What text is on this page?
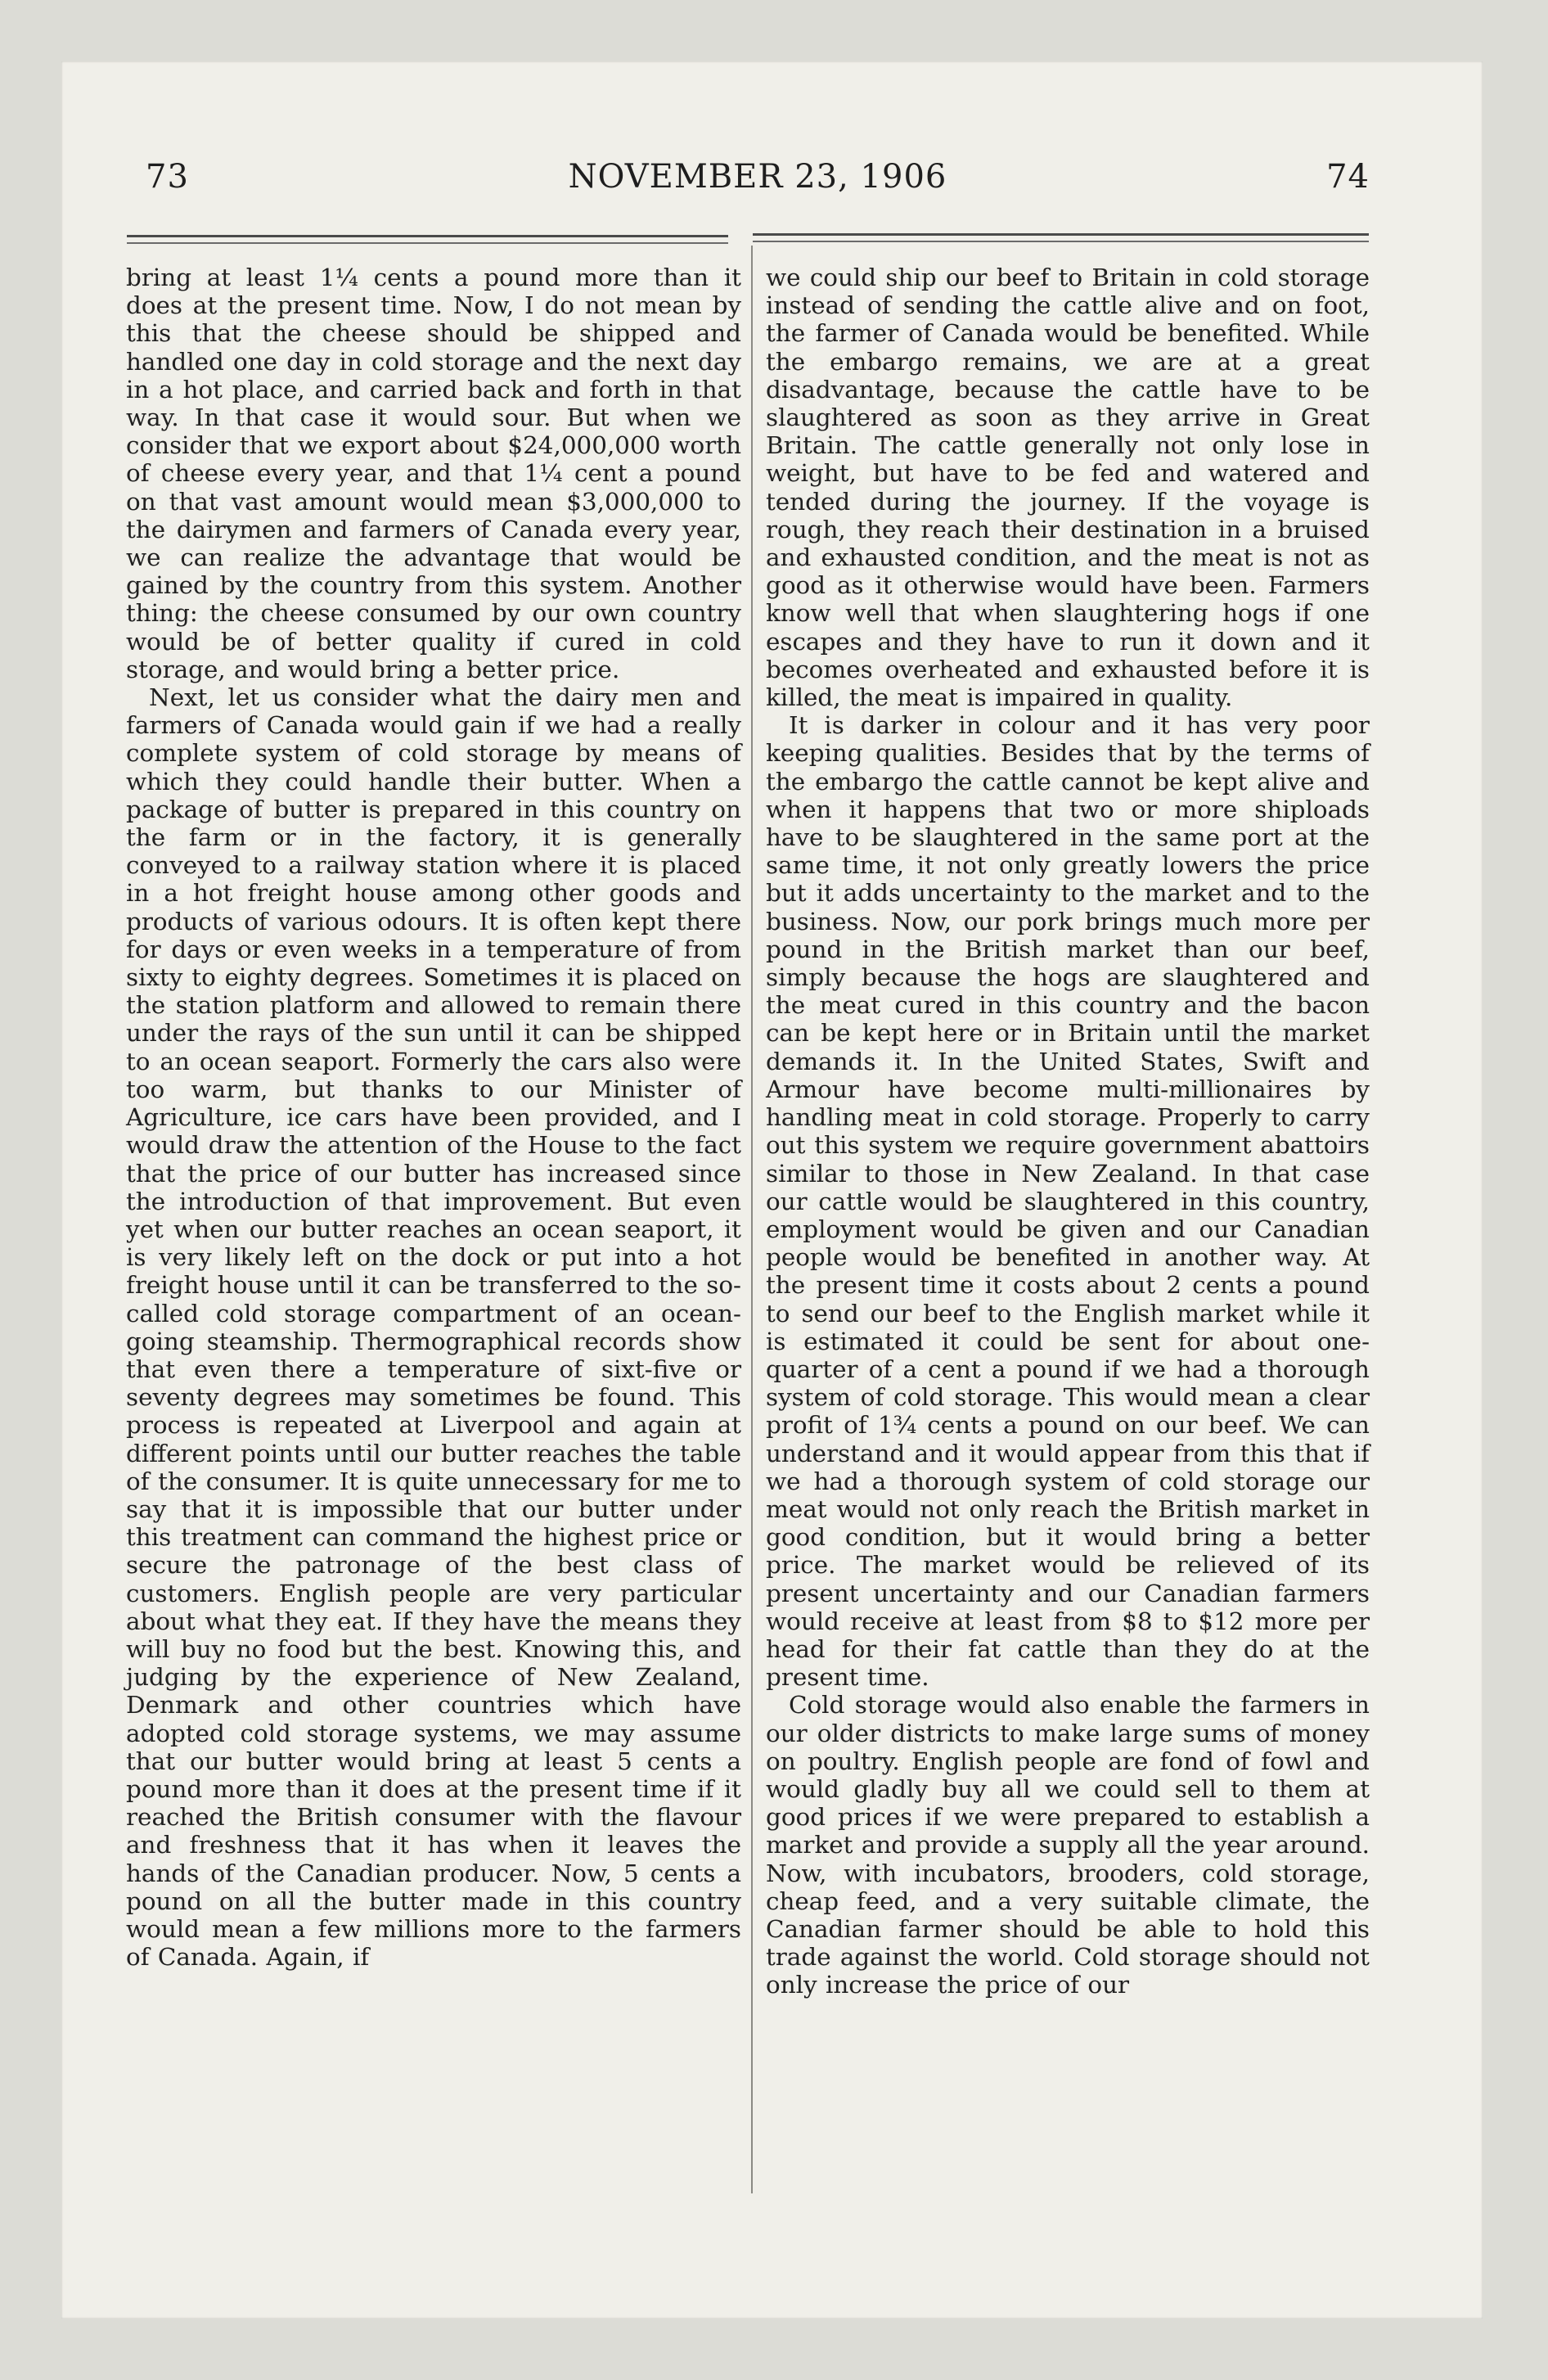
73	NOVEMBER 23, 1906	74

bring at least 1¼ cents a pound more than it does at the present time. Now, I do not mean by this that the cheese should be shipped and handled one day in cold storage and the next day in a hot place, and carried back and forth in that way. In that case it would sour. But when we consider that we export about $24,000,000 worth of cheese every year, and that 1¼ cent a pound on that vast amount would mean $3,000,000 to the dairymen and farmers of Canada every year, we can realize the advantage that would be gained by the country from this system. Another thing: the cheese consumed by our own country would be of better quality if cured in cold storage, and would bring a better price.

Next, let us consider what the dairy men and farmers of Canada would gain if we had a really complete system of cold storage by means of which they could handle their butter. When a package of butter is prepared in this country on the farm or in the factory, it is generally conveyed to a railway station where it is placed in a hot freight house among other goods and products of various odours. It is often kept there for days or even weeks in a temperature of from sixty to eighty degrees. Sometimes it is placed on the station platform and allowed to remain there under the rays of the sun until it can be shipped to an ocean seaport. Formerly the cars also were too warm, but thanks to our Minister of Agriculture, ice cars have been provided, and I would draw the attention of the House to the fact that the price of our butter has increased since the introduction of that improvement. But even yet when our butter reaches an ocean seaport, it is very likely left on the dock or put into a hot freight house until it can be transferred to the so-called cold storage compartment of an ocean-going steamship. Thermographical records show that even there a temperature of sixt-five or seventy degrees may sometimes be found. This process is repeated at Liverpool and again at different points until our butter reaches the table of the consumer. It is quite unnecessary for me to say that it is impossible that our butter under this treatment can command the highest price or secure the patronage of the best class of customers. English people are very particular about what they eat. If they have the means they will buy no food but the best. Knowing this, and judging by the experience of New Zealand, Denmark and other countries which have adopted cold storage systems, we may assume that our butter would bring at least 5 cents a pound more than it does at the present time if it reached the British consumer with the flavour and freshness that it has when it leaves the hands of the Canadian producer. Now, 5 cents a pound on all the butter made in this country would mean a few millions more to the farmers of Canada. Again, if

we could ship our beef to Britain in cold storage instead of sending the cattle alive and on foot, the farmer of Canada would be benefited. While the embargo remains, we are at a great disadvantage, because the cattle have to be slaughtered as soon as they arrive in Great Britain. The cattle generally not only lose in weight, but have to be fed and watered and tended during the journey. If the voyage is rough, they reach their destination in a bruised and exhausted condition, and the meat is not as good as it otherwise would have been. Farmers know well that when slaughtering hogs if one escapes and they have to run it down and it becomes overheated and exhausted before it is killed, the meat is impaired in quality.

It is darker in colour and it has very poor keeping qualities. Besides that by the terms of the embargo the cattle cannot be kept alive and when it happens that two or more shiploads have to be slaughtered in the same port at the same time, it not only greatly lowers the price but it adds uncertainty to the market and to the business. Now, our pork brings much more per pound in the British market than our beef, simply because the hogs are slaughtered and the meat cured in this country and the bacon can be kept here or in Britain until the market demands it. In the United States, Swift and Armour have become multi-millionaires by handling meat in cold storage. Properly to carry out this system we require government abattoirs similar to those in New Zealand. In that case our cattle would be slaughtered in this country, employment would be given and our Canadian people would be benefited in another way. At the present time it costs about 2 cents a pound to send our beef to the English market while it is estimated it could be sent for about one-quarter of a cent a pound if we had a thorough system of cold storage. This would mean a clear profit of 1¾ cents a pound on our beef. We can understand and it would appear from this that if we had a thorough system of cold storage our meat would not only reach the British market in good condition, but it would bring a better price. The market would be relieved of its present uncertainty and our Canadian farmers would receive at least from $8 to $12 more per head for their fat cattle than they do at the present time.

Cold storage would also enable the farmers in our older districts to make large sums of money on poultry. English people are fond of fowl and would gladly buy all we could sell to them at good prices if we were prepared to establish a market and provide a supply all the year around. Now, with incubators, brooders, cold storage, cheap feed, and a very suitable climate, the Canadian farmer should be able to hold this trade against the world. Cold storage should not only increase the price of our
